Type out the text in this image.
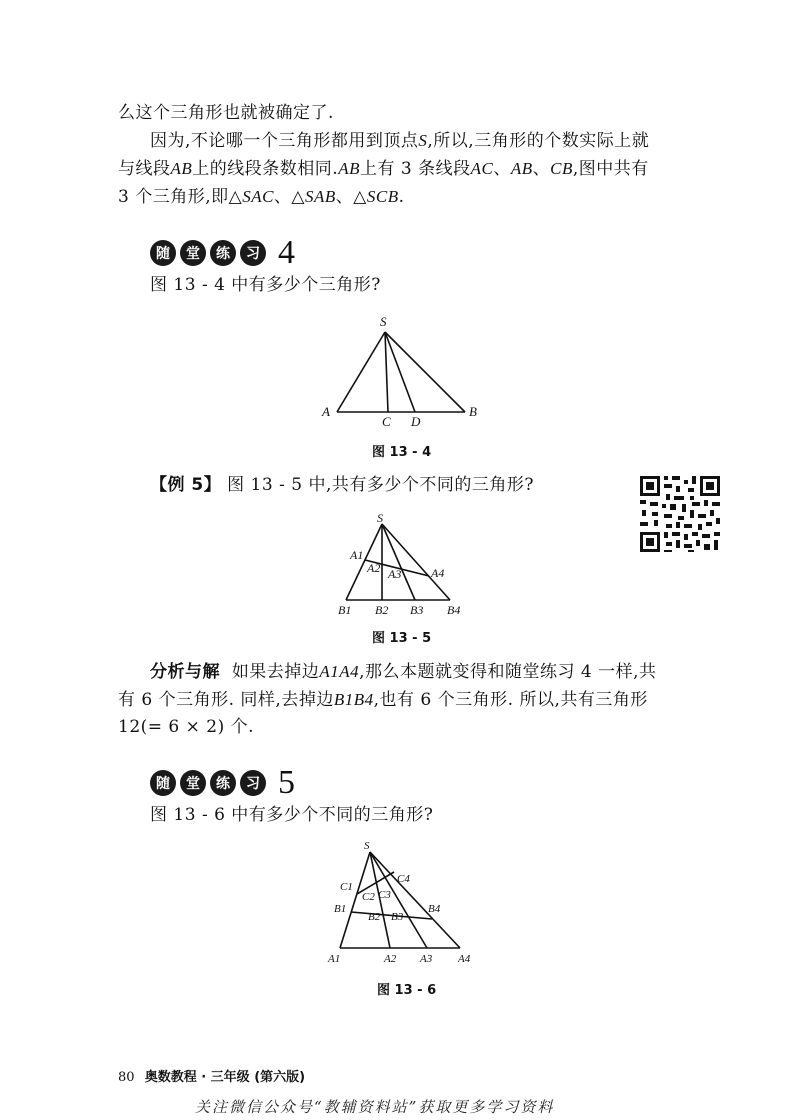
么这个三角形也就被确定了.
因为,不论哪一个三角形都用到顶点S,所以,三角形的个数实际上就
与线段AB上的线段条数相同.AB上有 3 条线段AC、AB、CB,图中共有
3 个三角形,即△SAC、△SAB、△SCB.
随	堂	练	习 4
图 13 - 4 中有多少个三角形?
S
A
C D
B
图 13 - 4
【例 5】 图 13 - 5 中,共有多少个不同的三角形?
S
A1
A2 A3 A4
B1 B2 B3 B4
图 13 - 5
分析与解 如果去掉边A1A4,那么本题就变得和随堂练习 4 一样,共
有 6 个三角形. 同样,去掉边B1B4,也有 6 个三角形. 所以,共有三角形
12(= 6 × 2) 个.
随	堂	练	习 5
图 13 - 6 中有多少个不同的三角形?
S
C1
C2 C3
C4
B1
B2 B3
B4
A1	A2 A3 A4
图 13 - 6
80 奥数教程 · 三年级 (第六版)
关注微信公众号“教辅资料站”获取更多学习资料
